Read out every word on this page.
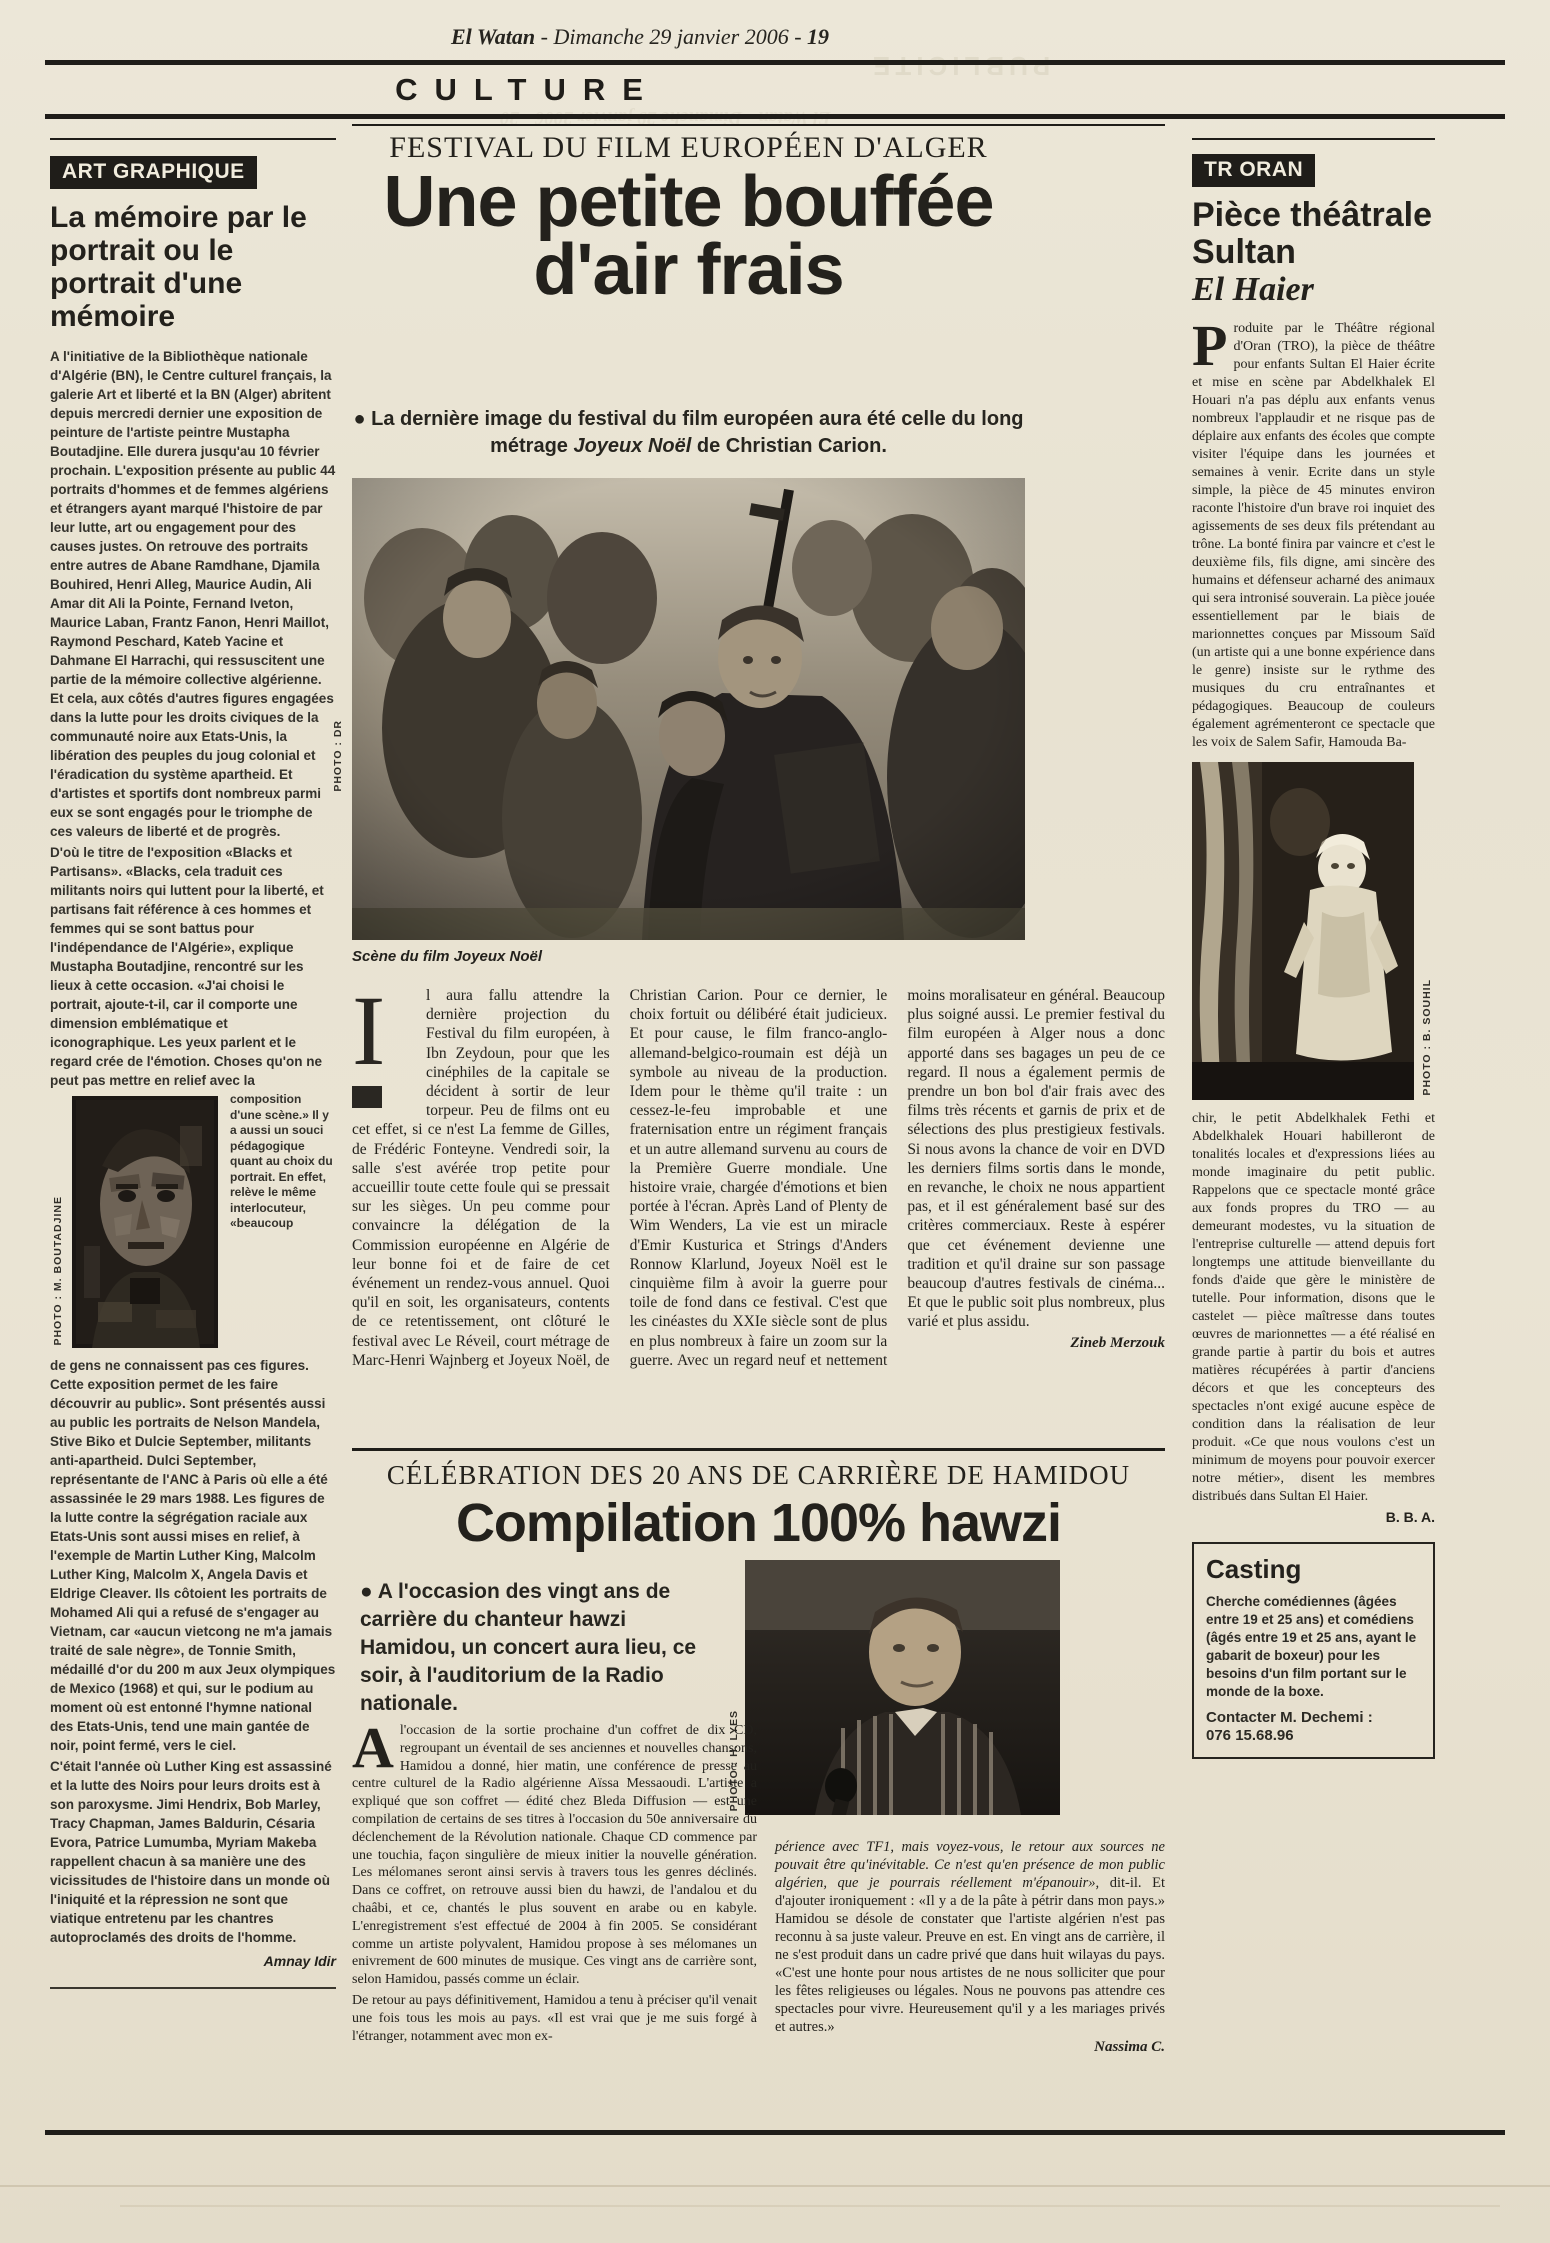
PUBLICITE
El Watan - Dimanche 29 janvier 2006 - 19
CULTURE
ART GRAPHIQUE
La mémoire par le portrait ou le portrait d'une mémoire

A l'initiative de la Bibliothèque nationale d'Algérie (BN), le Centre culturel français, la galerie Art et liberté et la BN (Alger) abritent depuis mercredi dernier une exposition de peinture de l'artiste peintre Mustapha Boutadjine. Elle durera jusqu'au 10 février prochain. L'exposition présente au public 44 portraits d'hommes et de femmes algériens et étrangers ayant marqué l'histoire de par leur lutte, art ou engagement pour des causes justes. On retrouve des portraits entre autres de Abane Ramdhane, Djamila Bouhired, Henri Alleg, Maurice Audin, Ali Amar dit Ali la Pointe, Fernand Iveton, Maurice Laban, Frantz Fanon, Henri Maillot, Raymond Peschard, Kateb Yacine et Dahmane El Harrachi, qui ressuscitent une partie de la mémoire collective algérienne. Et cela, aux côtés d'autres figures engagées dans la lutte pour les droits civiques de la communauté noire aux Etats-Unis, la libération des peuples du joug colonial et l'éradication du système apartheid. Et d'artistes et sportifs dont nombreux parmi eux se sont engagés pour le triomphe de ces valeurs de liberté et de progrès.

D'où le titre de l'exposition «Blacks et Partisans». «Blacks, cela traduit ces militants noirs qui luttent pour la liberté, et partisans fait référence à ces hommes et femmes qui se sont battus pour l'indépendance de l'Algérie», explique Mustapha Boutadjine, rencontré sur les lieux à cette occasion. «J'ai choisi le portrait, ajoute-t-il, car il comporte une dimension emblématique et iconographique. Les yeux parlent et le regard crée de l'émotion. Choses qu'on ne peut pas mettre en relief avec la

PHOTO : M. BOUTADJINE

composition d'une scène.» Il y a aussi un souci pédagogique quant au choix du portrait. En effet, relève le même interlocuteur, «beaucoup

de gens ne connaissent pas ces figures. Cette exposition permet de les faire découvrir au public». Sont présentés aussi au public les portraits de Nelson Mandela, Stive Biko et Dulcie September, militants anti-apartheid. Dulci September, représentante de l'ANC à Paris où elle a été assassinée le 29 mars 1988. Les figures de la lutte contre la ségrégation raciale aux Etats-Unis sont aussi mises en relief, à l'exemple de Martin Luther King, Malcolm Luther King, Malcolm X, Angela Davis et Eldrige Cleaver. Ils côtoient les portraits de Mohamed Ali qui a refusé de s'engager au Vietnam, car «aucun vietcong ne m'a jamais traité de sale nègre», de Tonnie Smith, médaillé d'or du 200 m aux Jeux olympiques de Mexico (1968) et qui, sur le podium au moment où est entonné l'hymne national des Etats-Unis, tend une main gantée de noir, point fermé, vers le ciel.

C'était l'année où Luther King est assassiné et la lutte des Noirs pour leurs droits est à son paroxysme. Jimi Hendrix, Bob Marley, Tracy Chapman, James Baldurin, Césaria Evora, Patrice Lumumba, Myriam Makeba rappellent chacun à sa manière une des vicissitudes de l'histoire dans un monde où l'iniquité et la répression ne sont que viatique entretenu par les chantres autoproclamés des droits de l'homme.

Amnay Idir
FESTIVAL DU FILM EUROPÉEN D'ALGER
Une petite bouffée
d'air frais
● La dernière image du festival du film européen aura été celle du long métrage Joyeux Noël de Christian Carion.
PHOTO : DR
Scène du film Joyeux Noël
I	l aura fallu attendre la dernière projection du Festival du film européen, à Ibn Zeydoun, pour que les cinéphiles de la capitale se décident à sortir de leur torpeur. Peu de films ont eu cet effet, si ce n'est La femme de Gilles, de Frédéric Fonteyne. Vendredi soir, la salle s'est avérée trop petite pour accueillir toute cette foule qui se pressait sur les sièges. Un peu comme pour convaincre la délégation de la Commission européenne en Algérie de leur bonne foi et de faire de cet événement un rendez-vous annuel. Quoi qu'il en soit, les organisateurs, contents de ce retentissement, ont clôturé le festival avec Le Réveil, court métrage de Marc-Henri Wajnberg et Joyeux Noël, de Christian Carion. Pour ce dernier, le choix fortuit ou délibéré était judicieux. Et pour cause, le film franco-anglo-allemand-belgico-roumain est déjà un symbole au niveau de la production. Idem pour le thème qu'il traite : un cessez-le-feu improbable et une fraternisation entre un régiment français et un autre allemand survenu au cours de la Première Guerre mondiale. Une histoire vraie, chargée d'émotions et bien portée à l'écran. Après Land of Plenty de Wim Wenders, La vie est un miracle d'Emir Kusturica et Strings d'Anders Ronnow Klarlund, Joyeux Noël est le cinquième film à avoir la guerre pour toile de fond dans ce festival. C'est que les cinéastes du XXIe siècle sont de plus en plus nombreux à faire un zoom sur la guerre. Avec un regard neuf et nettement moins moralisateur en général. Beaucoup plus soigné aussi. Le premier festival du film européen à Alger nous a donc apporté dans ses bagages un peu de ce regard. Il nous a également permis de prendre un bon bol d'air frais avec des films très récents et garnis de prix et de sélections des plus prestigieux festivals. Si nous avons la chance de voir en DVD les derniers films sortis dans le monde, en revanche, le choix ne nous appartient pas, et il est généralement basé sur des critères commerciaux. Reste à espérer que cet événement devienne une tradition et qu'il draine sur son passage beaucoup d'autres festivals de cinéma... Et que le public soit plus nombreux, plus varié et plus assidu.
Zineb Merzouk
CÉLÉBRATION DES 20 ANS DE CARRIÈRE DE HAMIDOU
Compilation 100% hawzi
● A l'occasion des vingt ans de carrière du chanteur hawzi Hamidou, un concert aura lieu, ce soir, à l'auditorium de la Radio nationale.
PHOTO : H. LYES

Al'occasion de la sortie prochaine d'un coffret de dix CD, regroupant un éventail de ses anciennes et nouvelles chansons, Hamidou a donné, hier matin, une conférence de presse au centre culturel de la Radio algérienne Aïssa Messaoudi. L'artiste a expliqué que son coffret — édité chez Bleda Diffusion — est une compilation de certains de ses titres à l'occasion du 50e anniversaire du déclenchement de la Révolution nationale. Chaque CD commence par une touchia, façon singulière de mieux initier la nouvelle génération. Les mélomanes seront ainsi servis à travers tous les genres déclinés. Dans ce coffret, on retrouve aussi bien du hawzi, de l'andalou et du chaâbi, et ce, chantés le plus souvent en arabe ou en kabyle. L'enregistrement s'est effectué de 2004 à fin 2005. Se considérant comme un artiste polyvalent, Hamidou propose à ses mélomanes un enivrement de 600 minutes de musique. Ces vingt ans de carrière sont, selon Hamidou, passés comme un éclair.

De retour au pays définitivement, Hamidou a tenu à préciser qu'il venait une fois tous les mois au pays. «Il est vrai que je me suis forgé à l'étranger, notamment avec mon ex-

périence avec TF1, mais voyez-vous, le retour aux sources ne pouvait être qu'inévitable. Ce n'est qu'en présence de mon public algérien, que je pourrais réellement m'épanouir», dit-il. Et d'ajouter ironiquement : «Il y a de la pâte à pétrir dans mon pays.» Hamidou se désole de constater que l'artiste algérien n'est pas reconnu à sa juste valeur. Preuve en est. En vingt ans de carrière, il ne s'est produit dans un cadre privé que dans huit wilayas du pays. «C'est une honte pour nous artistes de ne nous solliciter que pour les fêtes religieuses ou légales. Nous ne pouvons pas attendre ces spectacles pour vivre. Heureusement qu'il y a les mariages privés et autres.»
Nassima C.
TR ORAN
Pièce théâtrale Sultan
El Haier
Produite par le Théâtre régional d'Oran (TRO), la pièce de théâtre pour enfants Sultan El Haier écrite et mise en scène par Abdelkhalek El Houari n'a pas déplu aux enfants venus nombreux l'applaudir et ne risque pas de déplaire aux enfants des écoles que compte visiter l'équipe dans les journées et semaines à venir. Ecrite dans un style simple, la pièce de 45 minutes environ raconte l'histoire d'un brave roi inquiet des agissements de ses deux fils prétendant au trône. La bonté finira par vaincre et c'est le deuxième fils, fils digne, ami sincère des humains et défenseur acharné des animaux qui sera intronisé souverain. La pièce jouée essentiellement par le biais de marionnettes conçues par Missoum Saïd (un artiste qui a une bonne expérience dans le genre) insiste sur le rythme des musiques du cru entraînantes et pédagogiques. Beaucoup de couleurs également agrémenteront ce spectacle que les voix de Salem Safir, Hamouda Ba-
PHOTO : B. SOUHIL
chir, le petit Abdelkhalek Fethi et Abdelkhalek Houari habilleront de tonalités locales et d'expressions liées au monde imaginaire du petit public. Rappelons que ce spectacle monté grâce aux fonds propres du TRO — au demeurant modestes, vu la situation de l'entreprise culturelle — attend depuis fort longtemps une attitude bienveillante du fonds d'aide que gère le ministère de tutelle. Pour information, disons que le castelet — pièce maîtresse dans toutes œuvres de marionnettes — a été réalisé en grande partie à partir du bois et autres matières récupérées à partir d'anciens décors et que les concepteurs des spectacles n'ont exigé aucune espèce de condition dans la réalisation de leur produit. «Ce que nous voulons c'est un minimum de moyens pour pouvoir exercer notre métier», disent les membres distribués dans Sultan El Haier.
B. B. A.
Casting

Cherche comédiennes (âgées entre 19 et 25 ans) et comédiens (âgés entre 19 et 25 ans, ayant le gabarit de boxeur) pour les besoins d'un film portant sur le monde de la boxe.

Contacter M. Dechemi :

076 15.68.96
